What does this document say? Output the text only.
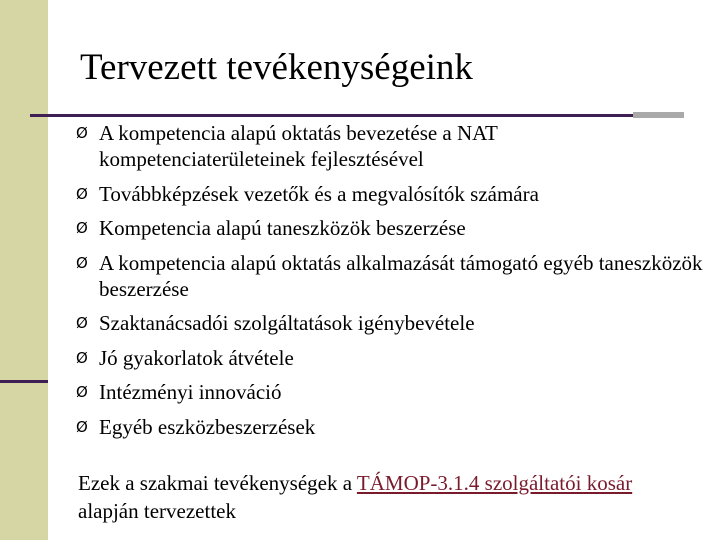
Tervezett tevékenységeink
Ø A kompetencia alapú oktatás bevezetése a NAT kompetenciaterületeinek fejlesztésével
Ø Továbbképzések vezetők és a megvalósítók számára
Ø Kompetencia alapú taneszközök beszerzése
Ø A kompetencia alapú oktatás alkalmazását támogató egyéb taneszközök beszerzése
Ø Szaktanácsadói szolgáltatások igénybevétele
Ø Jó gyakorlatok átvétele
Ø Intézményi innováció
Ø Egyéb eszközbeszerzések
Ezek a szakmai tevékenységek a TÁMOP-3.1.4 szolgáltatói kosár alapján tervezettek
